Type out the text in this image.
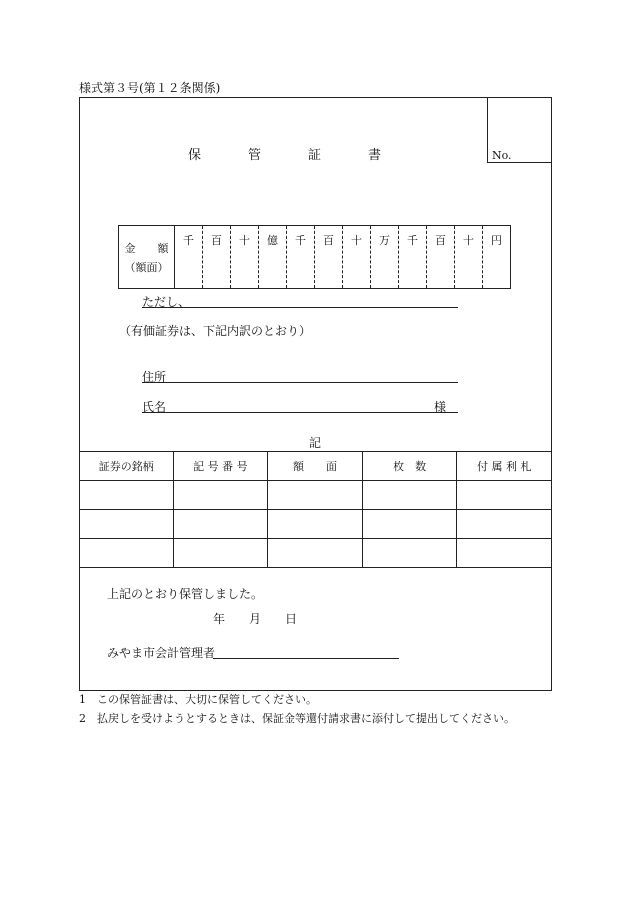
様式第３号(第１２条関係)
No.
保	管	証	書
金　　額
（額面）
	千	百	十	億	千	百	十	万	千	百	十	円
ただし、
（有価証券は、下記内訳のとおり）
住所
氏名	様
記
証券の銘柄	記 号 番 号	額　　面	枚　数	付 属 利 札

上記のとおり保管しました。
年 月 日
みやま市会計管理者
1　この保管証書は、大切に保管してください。
2　払戻しを受けようとするときは、保証金等還付請求書に添付して提出してください。
